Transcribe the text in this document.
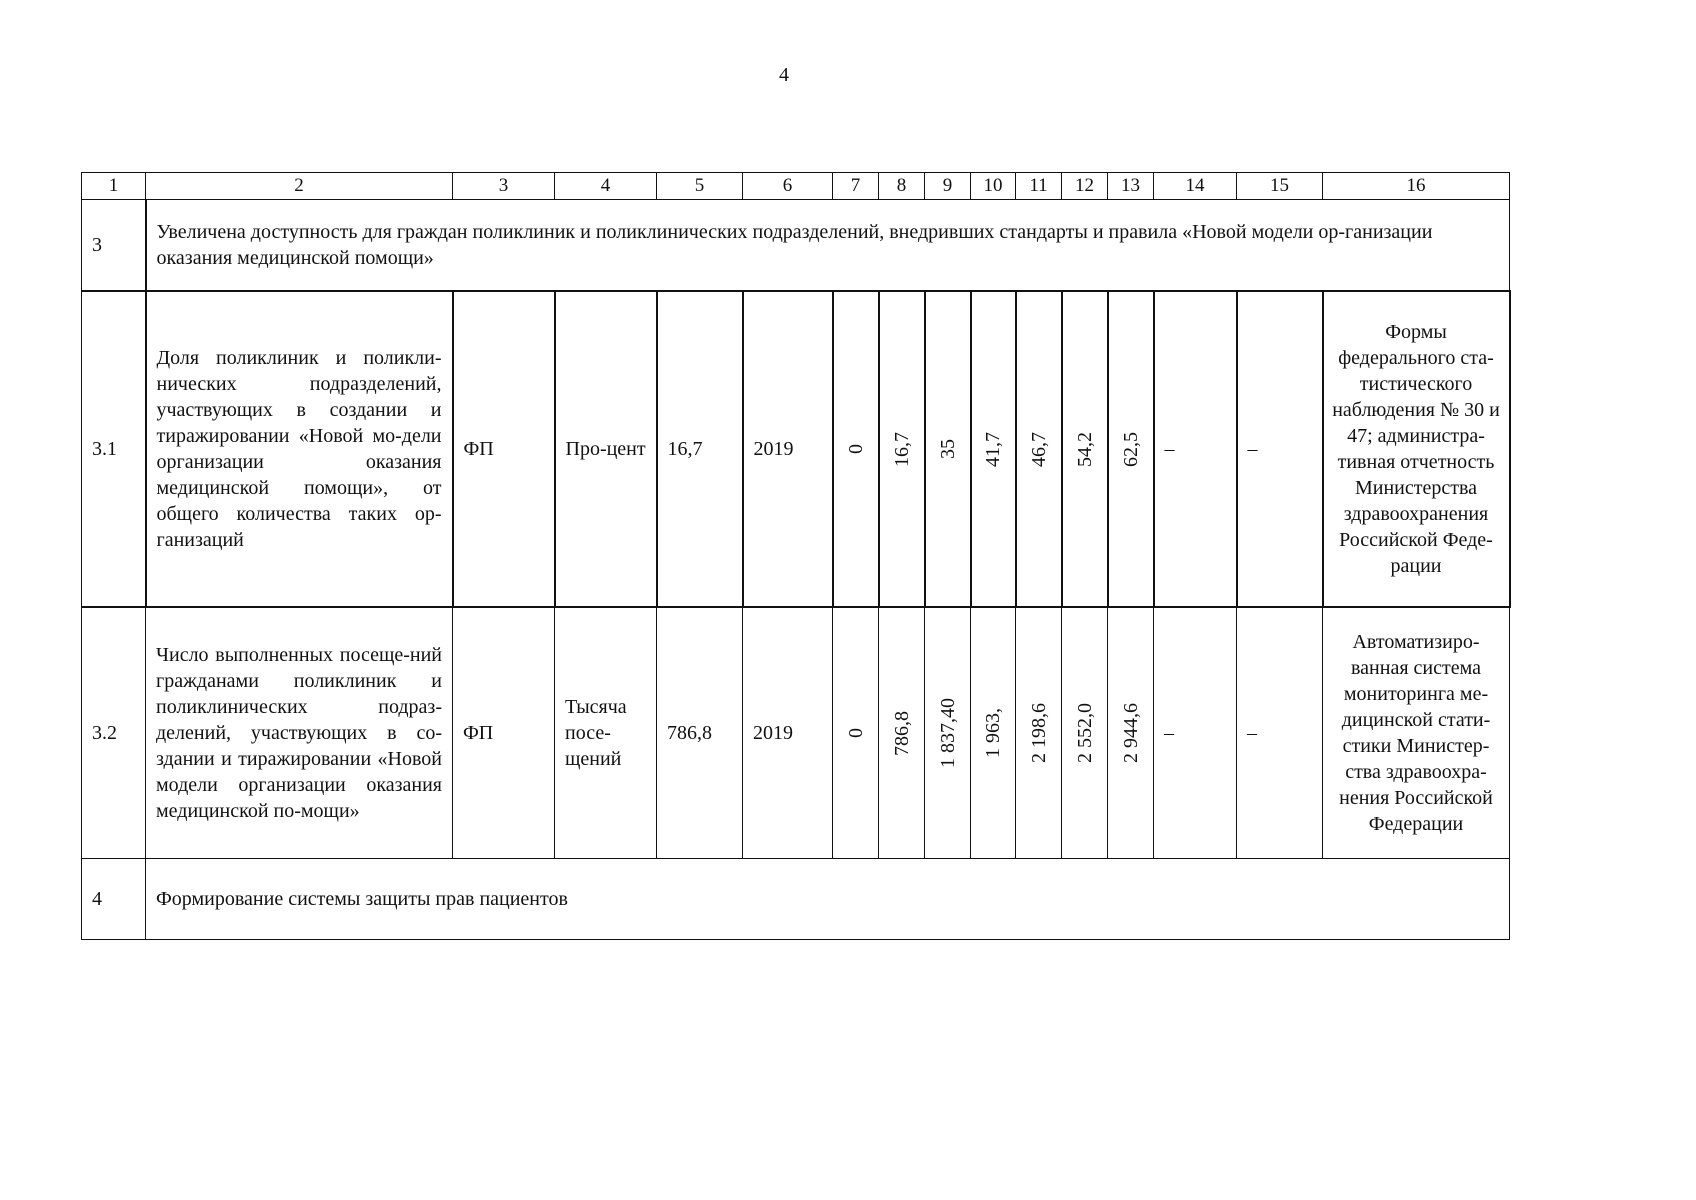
4
1	2	3	4	5	6	7	8	9	10	11	12	13	14	15	16
3	Увеличена доступность для граждан поликлиник и поликлинических подразделений, внедривших стандарты и правила «Новой модели ор-ганизации оказания медицинской помощи»														
3.1	Доля поликлиник и поликли-нических подразделений, участвующих в создании и тиражировании «Новой мо-дели организации оказания медицинской помощи», от общего количества таких ор-ганизаций	ФП	Про-цент	16,7	2019	0	16,7	35	41,7	46,7	54,2	62,5	–	–	Формы федерального ста-тистического наблюдения № 30 и 47; администра-тивная отчетность Министерства здравоохранения Российской Феде-рации
3.2	Число выполненных посеще-ний гражданами поликлиник и поликлинических подраз-делений, участвующих в со-здании и тиражировании «Новой модели организации оказания медицинской по-мощи»	ФП	Тысяча посе-щений	786,8	2019	0	786,8	1 837,40	1 963,	2 198,6	2 552,0	2 944,6	–	–	Автоматизиро-ванная система мониторинга ме-дицинской стати-стики Министер-ства здравоохра-нения Российской Федерации
4	Формирование системы защиты прав пациентов														
